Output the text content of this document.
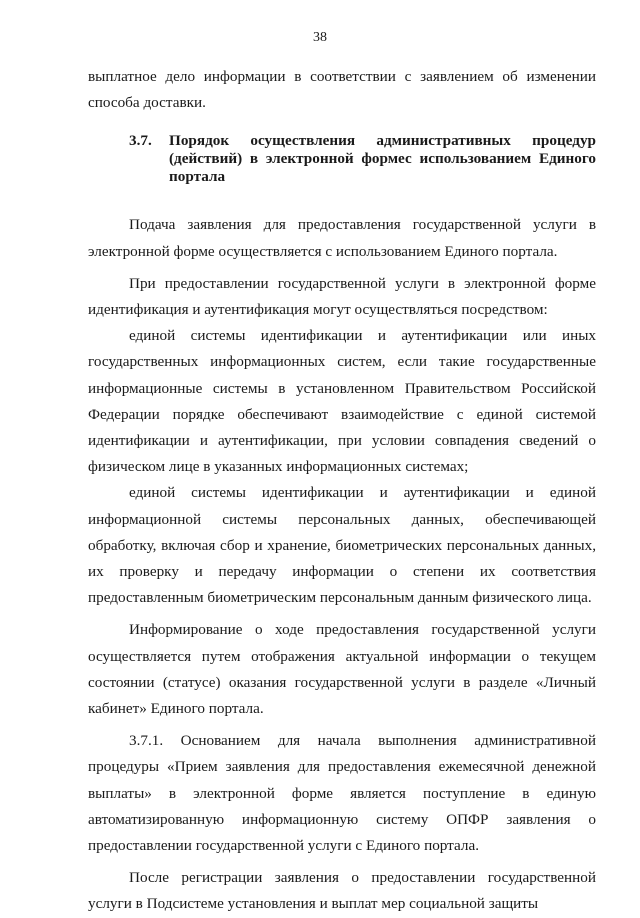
38

выплатное дело информации в соответствии с заявлением об изменении способа доставки.

3.7.	Порядок осуществления административных процедур (действий) в электронной формес использованием Единого портала

Подача заявления для предоставления государственной услуги в электронной форме осуществляется с использованием Единого портала.

При предоставлении государственной услуги в электронной форме идентификация и аутентификация могут осуществляться посредством:

единой системы идентификации и аутентификации или иных государственных информационных систем, если такие государственные информационные системы в установленном Правительством Российской Федерации порядке обеспечивают взаимодействие с единой системой идентификации и аутентификации, при условии совпадения сведений о физическом лице в указанных информационных системах;

единой системы идентификации и аутентификации и единой информационной системы персональных данных, обеспечивающей обработку, включая сбор и хранение, биометрических персональных данных, их проверку и передачу информации о степени их соответствия предоставленным биометрическим персональным данным физического лица.

Информирование о ходе предоставления государственной услуги осуществляется путем отображения актуальной информации о текущем состоянии (статусе) оказания государственной услуги в разделе «Личный кабинет» Единого портала.

3.7.1. Основанием для начала выполнения административной процедуры «Прием заявления для предоставления ежемесячной денежной выплаты» в электронной форме является поступление в единую автоматизированную информационную систему ОПФР заявления о предоставлении государственной услуги с Единого портала.

После регистрации заявления о предоставлении государственной услуги в Подсистеме установления и выплат мер социальной защиты
